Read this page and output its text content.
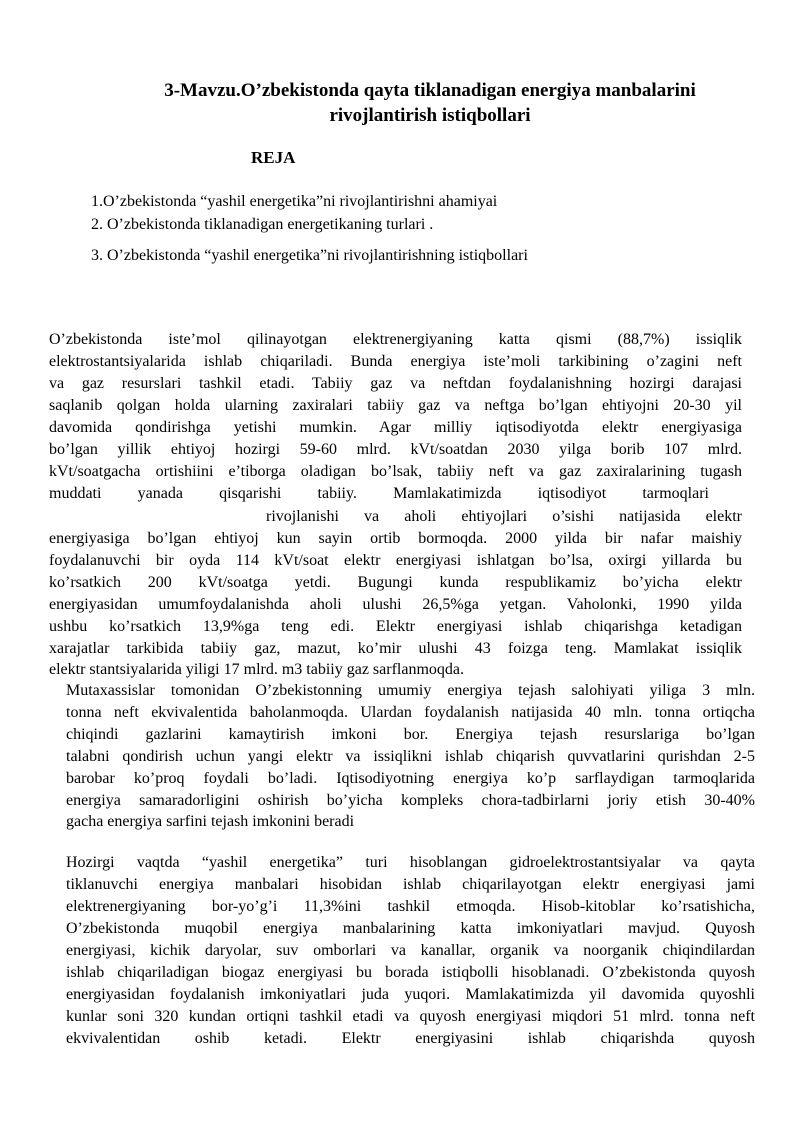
3-Mavzu.O’zbekistonda qayta tiklanadigan energiya manbalarini
rivojlantirish istiqbollari
REJA
1.O’zbekistonda “yashil energetika”ni rivojlantirishni ahamiyai
2. O’zbekistonda tiklanadigan energetikaning turlari .
3. O’zbekistonda “yashil energetika”ni rivojlantirishning istiqbollari
O’zbekistonda iste’mol qilinayotgan elektrenergiyaning katta qismi (88,7%) issiqlik
elektrostantsiyalarida ishlab chiqariladi. Bunda energiya iste’moli tarkibining o’zagini neft
va gaz resurslari tashkil etadi. Tabiiy gaz va neftdan foydalanishning hozirgi darajasi
saqlanib qolgan holda ularning zaxiralari tabiiy gaz va neftga bo’lgan ehtiyojni 20-30 yil
davomida qondirishga yetishi mumkin. Agar milliy iqtisodiyotda elektr energiyasiga
bo’lgan yillik ehtiyoj hozirgi 59-60 mlrd. kVt/soatdan 2030 yilga borib 107 mlrd.
kVt/soatgacha ortishiini e’tiborga oladigan bo’lsak, tabiiy neft va gaz zaxiralarining tugash
muddati yanada qisqarishi tabiiy. Mamlakatimizda iqtisodiyot tarmoqlari
rivojlanishi va aholi ehtiyojlari o’sishi natijasida elektr
energiyasiga bo’lgan ehtiyoj kun sayin ortib bormoqda. 2000 yilda bir nafar maishiy
foydalanuvchi bir oyda 114 kVt/soat elektr energiyasi ishlatgan bo’lsa, oxirgi yillarda bu
ko’rsatkich 200 kVt/soatga yetdi. Bugungi kunda respublikamiz bo’yicha elektr
energiyasidan umumfoydalanishda aholi ulushi 26,5%ga yetgan. Vaholonki, 1990 yilda
ushbu ko’rsatkich 13,9%ga teng edi. Elektr energiyasi ishlab chiqarishga ketadigan
xarajatlar tarkibida tabiiy gaz, mazut, ko’mir ulushi 43 foizga teng. Mamlakat issiqlik
elektr stantsiyalarida yiligi 17 mlrd. m3 tabiiy gaz sarflanmoqda.
Mutaxassislar tomonidan O’zbekistonning umumiy energiya tejash salohiyati yiliga 3 mln.
tonna neft ekvivalentida baholanmoqda. Ulardan foydalanish natijasida 40 mln. tonna ortiqcha
chiqindi gazlarini kamaytirish imkoni bor. Energiya tejash resurslariga bo’lgan
talabni qondirish uchun yangi elektr va issiqlikni ishlab chiqarish quvvatlarini qurishdan 2-5
barobar ko’proq foydali bo’ladi. Iqtisodiyotning energiya ko’p sarflaydigan tarmoqlarida
energiya samaradorligini oshirish bo’yicha kompleks chora-tadbirlarni joriy etish 30-40%
gacha energiya sarfini tejash imkonini beradi
Hozirgi vaqtda “yashil energetika” turi hisoblangan gidroelektrostantsiyalar va qayta
tiklanuvchi energiya manbalari hisobidan ishlab chiqarilayotgan elektr energiyasi jami
elektrenergiyaning bor-yo’g’i 11,3%ini tashkil etmoqda. Hisob-kitoblar ko’rsatishicha,
O’zbekistonda muqobil energiya manbalarining katta imkoniyatlari mavjud. Quyosh
energiyasi, kichik daryolar, suv omborlari va kanallar, organik va noorganik chiqindilardan
ishlab chiqariladigan biogaz energiyasi bu borada istiqbolli hisoblanadi. O’zbekistonda quyosh
energiyasidan foydalanish imkoniyatlari juda yuqori. Mamlakatimizda yil davomida quyoshli
kunlar soni 320 kundan ortiqni tashkil etadi va quyosh energiyasi miqdori 51 mlrd. tonna neft
ekvivalentidan oshib ketadi. Elektr energiyasini ishlab chiqarishda quyosh
